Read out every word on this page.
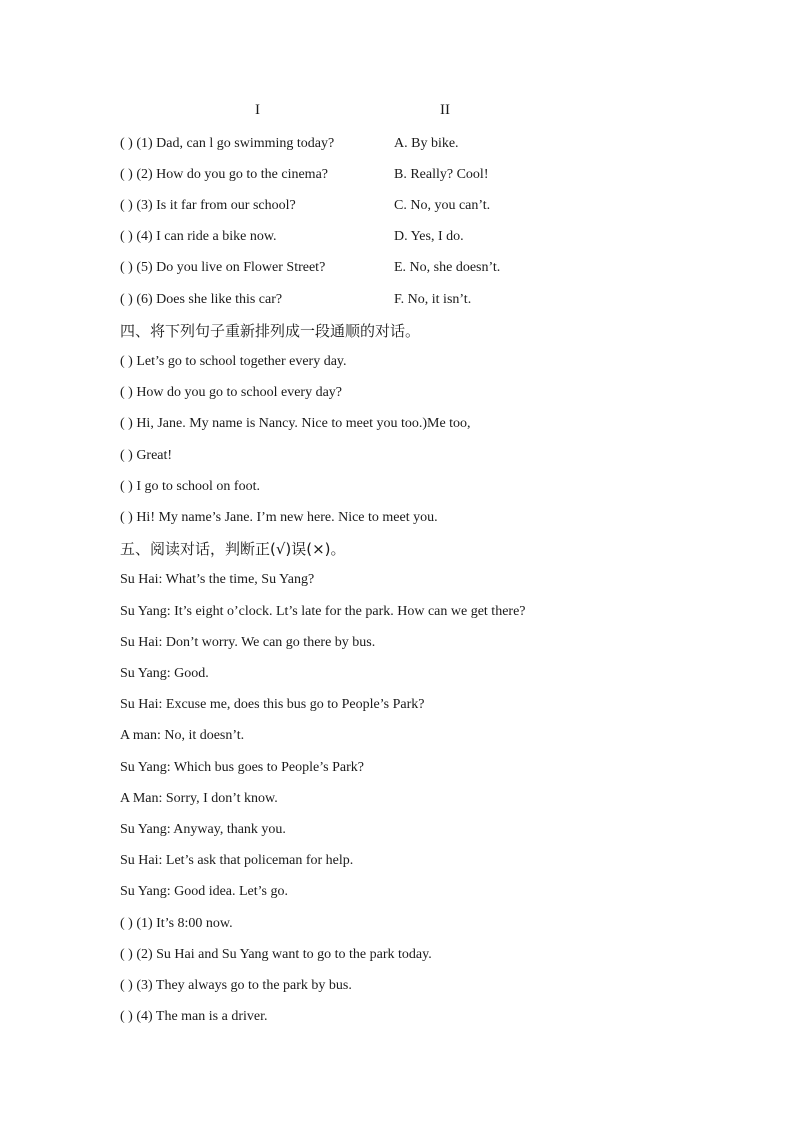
I	II
( ) (1) Dad, can l go swimming today?	A. By bike.
( ) (2) How do you go to the cinema?	B. Really? Cool!
( ) (3) Is it far from our school?	C. No, you can’t.
( ) (4) I can ride a bike now.	D. Yes, I do.
( ) (5) Do you live on Flower Street?	E. No, she doesn’t.
( ) (6) Does she like this car?	F. No, it isn’t.
四、将下列句子重新排列成一段通顺的对话。
( ) Let’s go to school together every day.
( ) How do you go to school every day?
( ) Hi, Jane. My name is Nancy. Nice to meet you too.)Me too,
( ) Great!
( ) I go to school on foot.
( ) Hi! My name’s Jane. I’m new here. Nice to meet you.
五、阅读对话，判断正(√)误(×)。
Su Hai: What’s the time, Su Yang?
Su Yang: It’s eight o’clock. Lt’s late for the park. How can we get there?
Su Hai: Don’t worry. We can go there by bus.
Su Yang: Good.
Su Hai: Excuse me, does this bus go to People’s Park?
A man: No, it doesn’t.
Su Yang: Which bus goes to People’s Park?
A Man: Sorry, I don’t know.
Su Yang: Anyway, thank you.
Su Hai: Let’s ask that policeman for help.
Su Yang: Good idea. Let’s go.
( ) (1) It’s 8:00 now.
( ) (2) Su Hai and Su Yang want to go to the park today.
( ) (3) They always go to the park by bus.
( ) (4) The man is a driver.
